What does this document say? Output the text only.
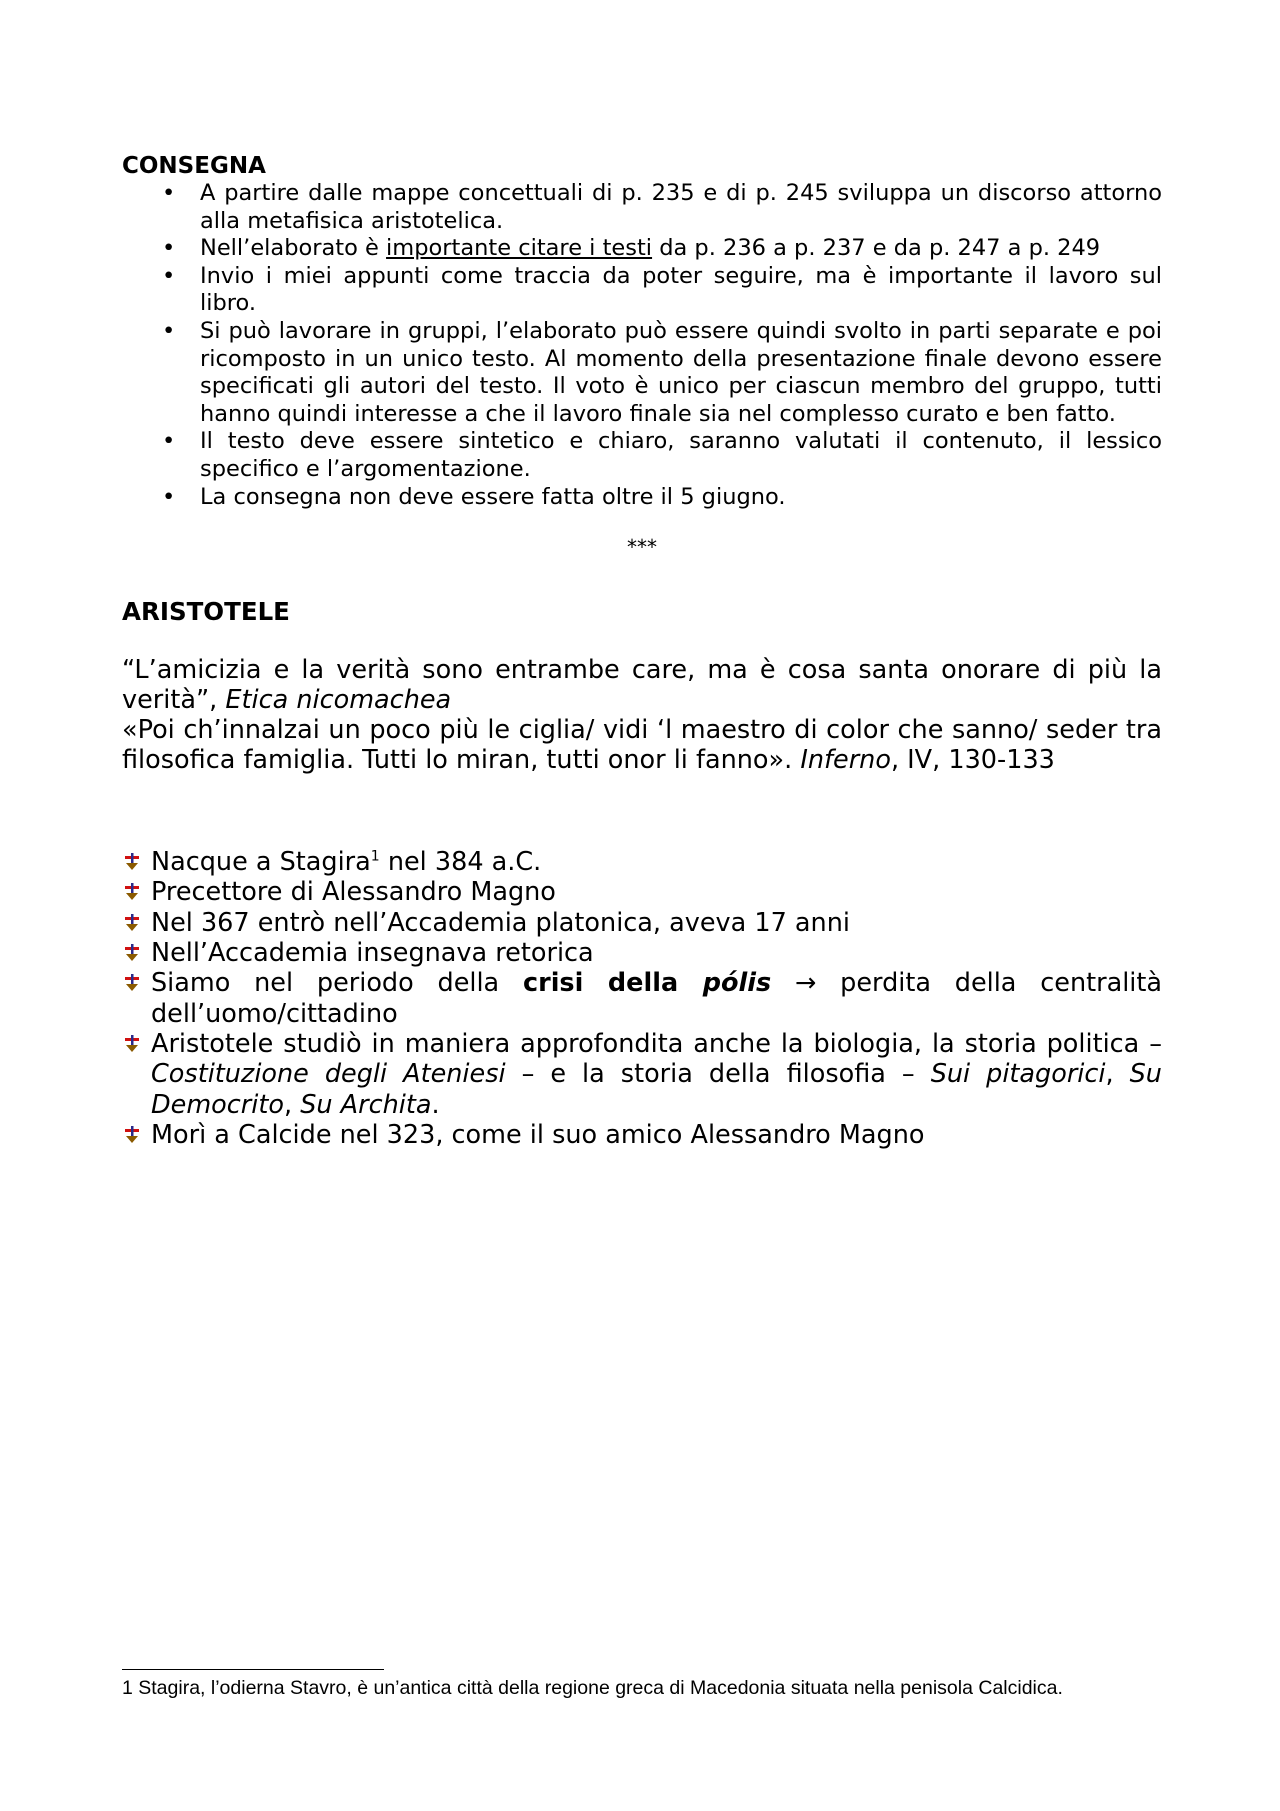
CONSEGNA
• A partire dalle mappe concettuali di p. 235 e di p. 245 sviluppa un discorso attorno alla metafisica aristotelica.
• Nell’elaborato è importante citare i testi da p. 236 a p. 237 e da p. 247 a p. 249
• Invio i miei appunti come traccia da poter seguire, ma è importante il lavoro sul libro.
• Si può lavorare in gruppi, l’elaborato può essere quindi svolto in parti separate e poi ricomposto in un unico testo. Al momento della presentazione finale devono essere specificati gli autori del testo. Il voto è unico per ciascun membro del gruppo, tutti hanno quindi interesse a che il lavoro finale sia nel complesso curato e ben fatto.
• Il testo deve essere sintetico e chiaro, saranno valutati il contenuto, il lessico specifico e l’argomentazione.
• La consegna non deve essere fatta oltre il 5 giugno.
***
ARISTOTELE

“L’amicizia e la verità sono entrambe care, ma è cosa santa onorare di più la verità”, Etica nicomachea

«Poi ch’innalzai un poco più le ciglia/ vidi ‘l maestro di color che sanno/ seder tra filosofica famiglia. Tutti lo miran, tutti onor li fanno». Inferno, IV, 130-133

Nacque a Stagira$^1$ nel 384 a.C.
Precettore di Alessandro Magno
Nel 367 entrò nell’Accademia platonica, aveva 17 anni
Nell’Accademia insegnava retorica
Siamo nel periodo della crisi della pólis → perdita della centralità dell’uomo/cittadino
Aristotele studiò in maniera approfondita anche la biologia, la storia politica – Costituzione degli Ateniesi – e la storia della filosofia – Sui pitagorici, Su Democrito, Su Archita.
Morì a Calcide nel 323, come il suo amico Alessandro Magno
1 Stagira, l’odierna Stavro, è un’antica città della regione greca di Macedonia situata nella penisola Calcidica.
